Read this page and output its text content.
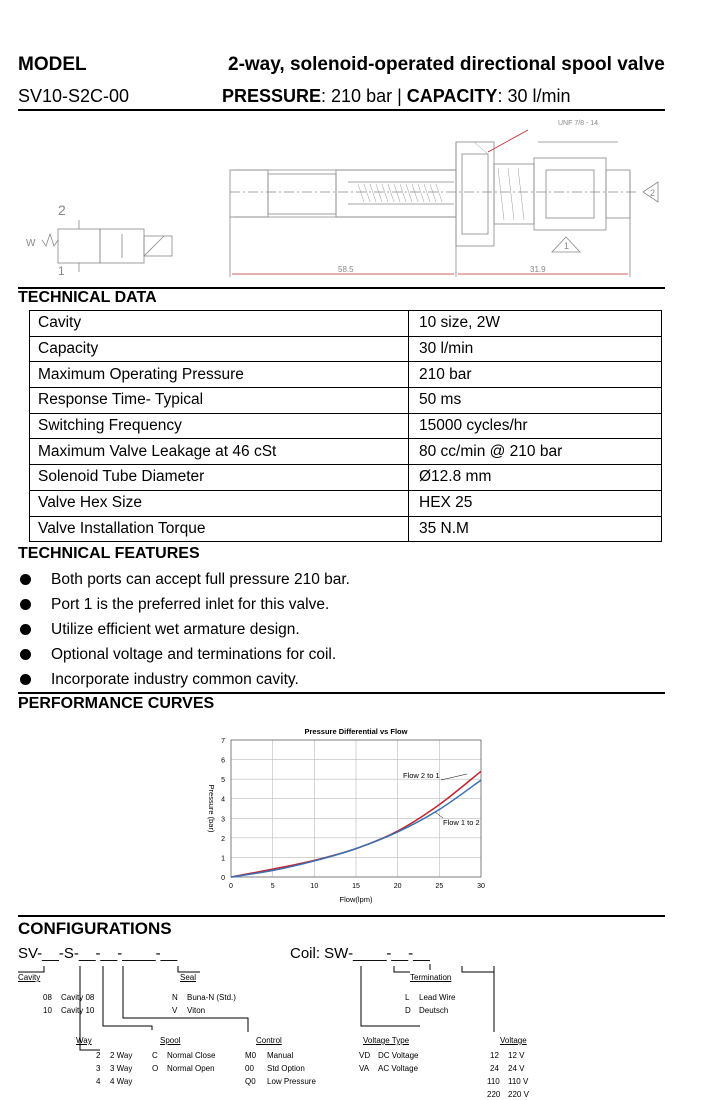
MODEL	2-way, solenoid-operated directional spool valve
SV10-S2C-00	PRESSURE: 210 bar | CAPACITY: 30 l/min
UNF 7/8 - 14
58.5	31.9
2
1
2
1
W
TECHNICAL DATA
Cavity	10 size, 2W
Capacity	30 l/min
Maximum Operating Pressure	210 bar
Response Time- Typical	50 ms
Switching Frequency	15000 cycles/hr
Maximum Valve Leakage at 46 cSt	80 cc/min @ 210 bar
Solenoid Tube Diameter	Ø12.8 mm
Valve Hex Size	HEX 25
Valve Installation Torque	35 N.M
TECHNICAL FEATURES
Both ports can accept full pressure 210 bar.
Port 1 is the preferred inlet for this valve.
Utilize efficient wet armature design.
Optional voltage and terminations for coil.
Incorporate industry common cavity.
PERFORMANCE CURVES
0
1
2
3
4
5
6
7
0	5	10	15	20	25	30
Flow 2 to 1
Flow 1 to 2
Pressure Differential vs Flow
Flow(lpm)
Pressure (bar)
CONFIGURATIONS
SV-__-S-__-__-____-__	Coil: SW-____-__-__
Cavity
08 Cavity 08
10 Cavity 10
Seal
N Buna-N (Std.)
V Viton
Way
2 2 Way
3 3 Way
4 4 Way
Spool
C Normal Close
O Normal Open
Control
M0 Manual
00 Std Option
Q0 Low Pressure
Termination
L Lead Wire
D Deutsch
Voltage Type
VD DC Voltage
VA AC Voltage
Voltage
12 12 V
24 24 V
110 110 V
220 220 V
